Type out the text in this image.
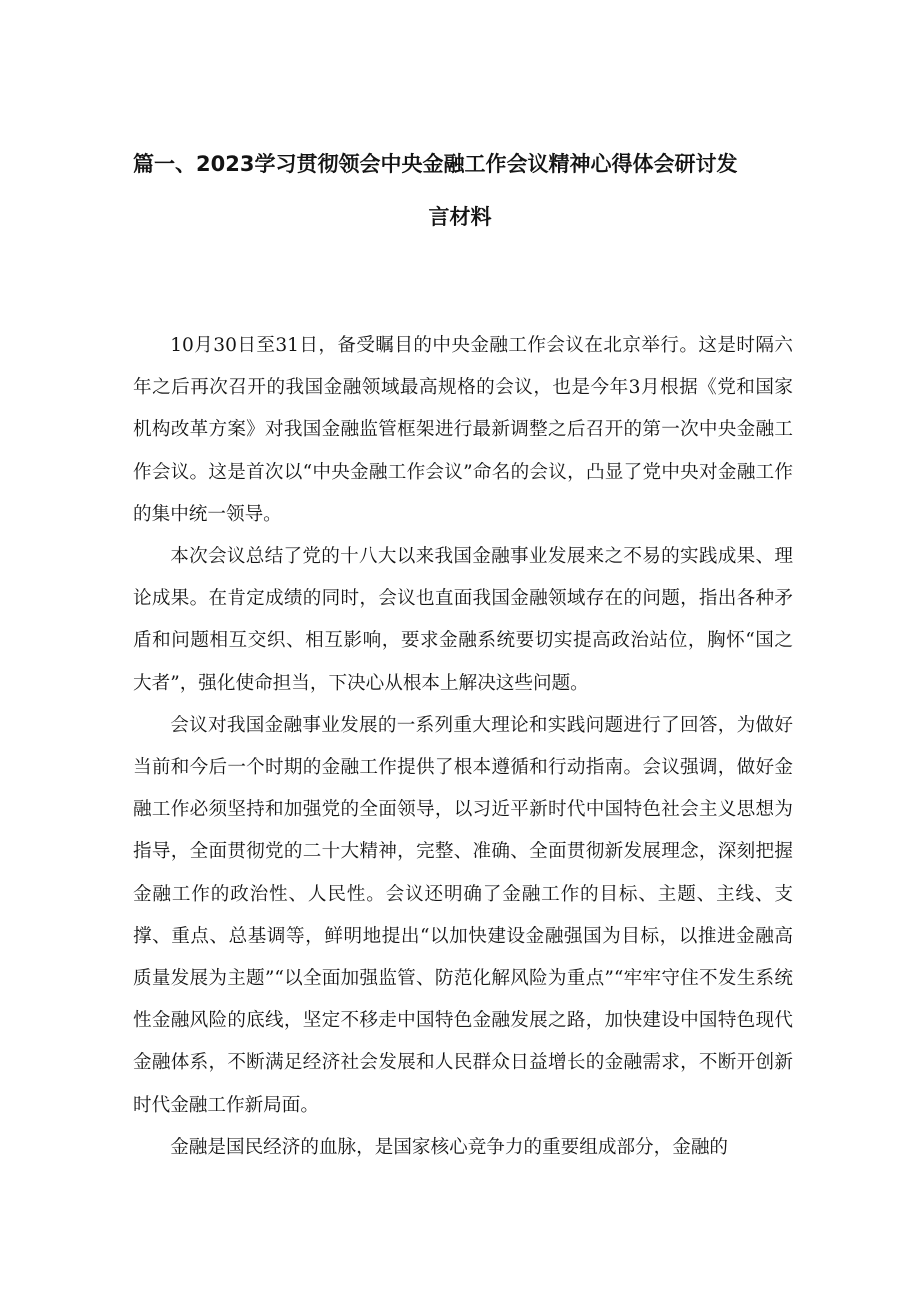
篇一、2023学习贯彻领会中央金融工作会议精神心得体会研讨发
言材料

10月30日至31日，备受瞩目的中央金融工作会议在北京举行。这是时隔六年之后再次召开的我国金融领域最高规格的会议，也是今年3月根据《党和国家机构改革方案》对我国金融监管框架进行最新调整之后召开的第一次中央金融工作会议。这是首次以“中央金融工作会议”命名的会议，凸显了党中央对金融工作的集中统一领导。

本次会议总结了党的十八大以来我国金融事业发展来之不易的实践成果、理论成果。在肯定成绩的同时，会议也直面我国金融领域存在的问题，指出各种矛盾和问题相互交织、相互影响，要求金融系统要切实提高政治站位，胸怀“国之大者”，强化使命担当，下决心从根本上解决这些问题。

会议对我国金融事业发展的一系列重大理论和实践问题进行了回答，为做好当前和今后一个时期的金融工作提供了根本遵循和行动指南。会议强调，做好金融工作必须坚持和加强党的全面领导，以习近平新时代中国特色社会主义思想为指导，全面贯彻党的二十大精神，完整、准确、全面贯彻新发展理念，深刻把握金融工作的政治性、人民性。会议还明确了金融工作的目标、主题、主线、支撑、重点、总基调等，鲜明地提出“以加快建设金融强国为目标，以推进金融高质量发展为主题”“以全面加强监管、防范化解风险为重点”“牢牢守住不发生系统性金融风险的底线，坚定不移走中国特色金融发展之路，加快建设中国特色现代金融体系，不断满足经济社会发展和人民群众日益增长的金融需求，不断开创新时代金融工作新局面。

金融是国民经济的血脉，是国家核心竞争力的重要组成部分，金融的
